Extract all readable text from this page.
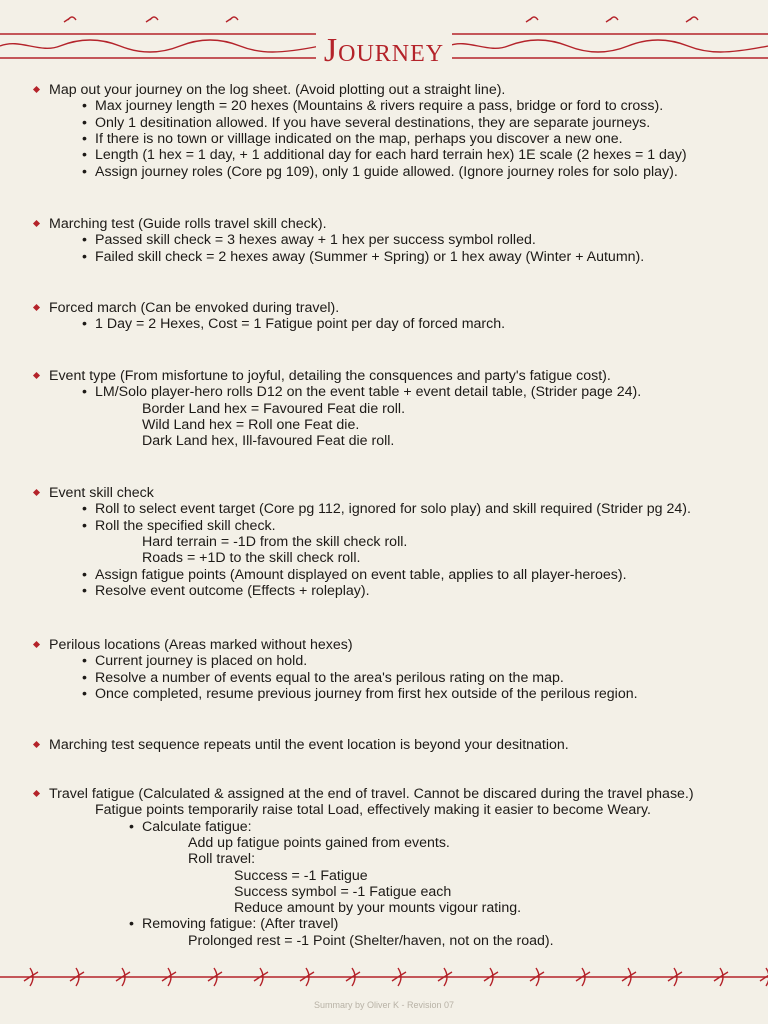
Journey
Map out your journey on the log sheet. (Avoid plotting out a straight line).
• Max journey length = 20 hexes (Mountains & rivers require a pass, bridge or ford to cross).
• Only 1 desitination allowed. If you have several destinations, they are separate journeys.
• If there is no town or villlage indicated on the map, perhaps you discover a new one.
• Length (1 hex = 1 day, + 1 additional day for each hard terrain hex) 1E scale (2 hexes = 1 day)
• Assign journey roles (Core pg 109), only 1 guide allowed. (Ignore journey roles for solo play).
Marching test (Guide rolls travel skill check).
• Passed skill check = 3 hexes away + 1 hex per success symbol rolled.
• Failed skill check = 2 hexes away (Summer + Spring) or 1 hex away (Winter + Autumn).
Forced march (Can be envoked during travel).
• 1 Day = 2 Hexes, Cost = 1 Fatigue point per day of forced march.
Event type (From misfortune to joyful, detailing the consquences and party's fatigue cost).
• LM/Solo player-hero rolls D12 on the event table + event detail table, (Strider page 24).
Border Land hex = Favoured Feat die roll.
Wild Land hex = Roll one Feat die.
Dark Land hex, Ill-favoured Feat die roll.
Event skill check
• Roll to select event target (Core pg 112, ignored for solo play) and skill required (Strider pg 24).
• Roll the specified skill check.
Hard terrain = -1D from the skill check roll.
Roads = +1D to the skill check roll.
• Assign fatigue points (Amount displayed on event table, applies to all player-heroes).
• Resolve event outcome (Effects + roleplay).
Perilous locations (Areas marked without hexes)
• Current journey is placed on hold.
• Resolve a number of events equal to the area's perilous rating on the map.
• Once completed, resume previous journey from first hex outside of the perilous region.
Marching test sequence repeats until the event location is beyond your desitnation.
Travel fatigue (Calculated & assigned at the end of travel. Cannot be discared during the travel phase.)
Fatigue points temporarily raise total Load, effectively making it easier to become Weary.
• Calculate fatigue:
Add up fatigue points gained from events.
Roll travel:
Success = -1 Fatigue
Success symbol = -1 Fatigue each
Reduce amount by your mounts vigour rating.
• Removing fatigue: (After travel)
Prolonged rest = -1 Point (Shelter/haven, not on the road).
Summary by Oliver K - Revision 07
